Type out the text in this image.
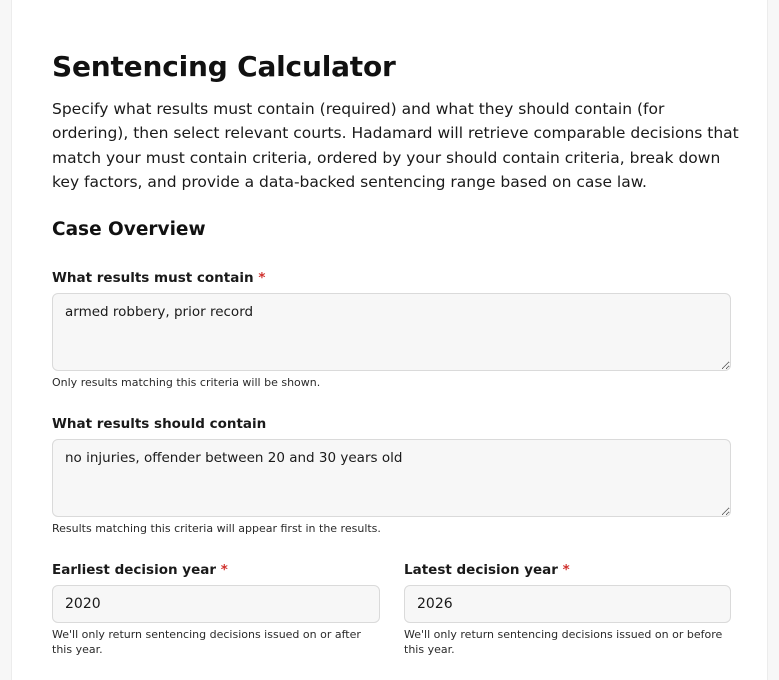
Sentencing Calculator

Specify what results must contain (required) and what they should contain (for ordering), then select relevant courts. Hadamard will retrieve comparable decisions that match your must contain criteria, ordered by your should contain criteria, break down key factors, and provide a data-backed sentencing range based on case law.

Case Overview
What results must contain *
armed robbery, prior record
Only results matching this criteria will be shown.
What results should contain
no injuries, offender between 20 and 30 years old
Results matching this criteria will appear first in the results.
Earliest decision year *
2020
We'll only return sentencing decisions issued on or after this year.
Latest decision year *
2026
We'll only return sentencing decisions issued on or before this year.
